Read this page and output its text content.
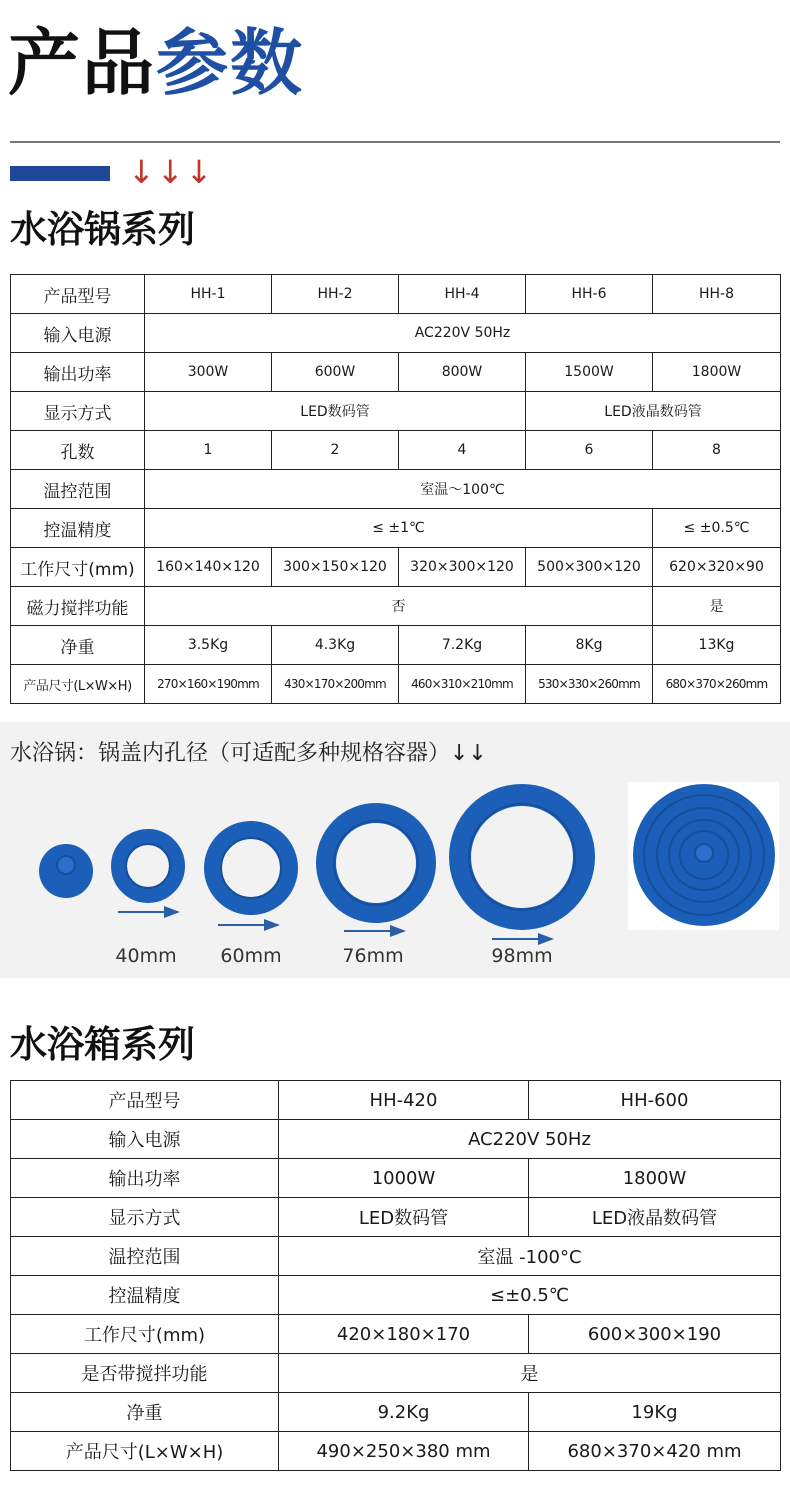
产品参数
↓↓↓
水浴锅系列
产品型号	HH-1	HH-2	HH-4	HH-6	HH-8
输入电源	AC220V 50Hz				
输出功率	300W	600W	800W	1500W	1800W
显示方式	LED数码管			LED液晶数码管	
孔数	1	2	4	6	8
温控范围	室温～100℃				
控温精度	≤ ±1℃				≤ ±0.5℃
工作尺寸(mm)	160×140×120	300×150×120	320×300×120	500×300×120	620×320×90
磁力搅拌功能	否				是
净重	3.5Kg	4.3Kg	7.2Kg	8Kg	13Kg
产品尺寸(L×W×H)	270×160×190mm	430×170×200mm	460×310×210mm	530×330×260mm	680×370×260mm
水浴锅：锅盖内孔径（可适配多种规格容器）↓↓
40mm 60mm	76mm	98mm
水浴箱系列
产品型号	HH-420	HH-600
输入电源	AC220V 50Hz	
输出功率	1000W	1800W
显示方式	LED数码管	LED液晶数码管
温控范围	室温 -100°C	
控温精度	≤±0.5℃	
工作尺寸(mm)	420×180×170	600×300×190
是否带搅拌功能	是	
净重	9.2Kg	19Kg
产品尺寸(L×W×H)	490×250×380 mm	680×370×420 mm
